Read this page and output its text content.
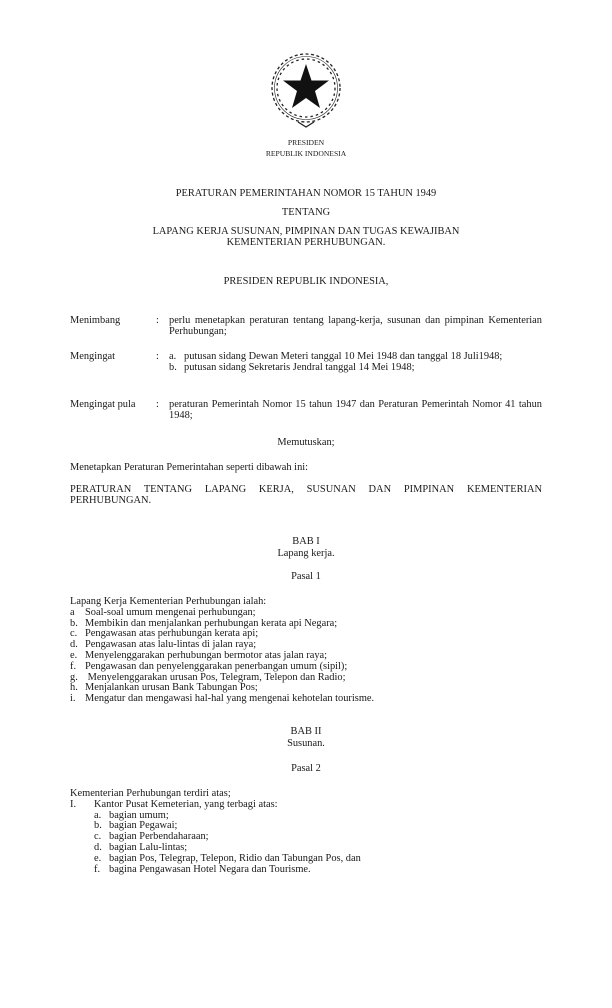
PRESIDEN
REPUBLIK INDONESIA
PERATURAN PEMERINTAHAN NOMOR 15 TAHUN 1949
TENTANG
LAPANG KERJA SUSUNAN, PIMPINAN DAN TUGAS KEWAJIBAN
KEMENTERIAN PERHUBUNGAN.
PRESIDEN REPUBLIK INDONESIA,
Menimbang	: perlu menetapkan peraturan tentang lapang-kerja, susunan dan pimpinan Kementerian Perhubungan;
Mengingat	: a. putusan sidang Dewan Meteri tanggal 10 Mei 1948 dan tanggal 18 Juli1948;
b. putusan sidang Sekretaris Jendral tanggal 14 Mei 1948;
Mengingat pula	: peraturan Pemerintah Nomor 15 tahun 1947 dan Peraturan Pemerintah Nomor 41 tahun 1948;
Memutuskan;
Menetapkan Peraturan Pemerintahan seperti dibawah ini:
PERATURAN TENTANG LAPANG KERJA, SUSUNAN DAN PIMPINAN KEMENTERIAN
PERHUBUNGAN.
BAB I
Lapang kerja.
Pasal 1
Lapang Kerja Kementerian Perhubungan ialah:
a Soal-soal umum mengenai perhubungan;
b. Membikin dan menjalankan perhubungan kerata api Negara;
c. Pengawasan atas perhubungan kerata api;
d. Pengawasan atas lalu-lintas di jalan raya;
e. Menyelenggarakan perhubungan bermotor atas jalan raya;
f. Pengawasan dan penyelenggarakan penerbangan umum (sipil);
g. Menyelenggarakan urusan Pos, Telegram, Telepon dan Radio;
h. Menjalankan urusan Bank Tabungan Pos;
i. Mengatur dan mengawasi hal-hal yang mengenai kehotelan tourisme.
BAB II
Susunan.
Pasal 2
Kementerian Perhubungan terdiri atas;
I.	Kantor Pusat Kemeterian, yang terbagi atas:
a. bagian umum;
b. bagian Pegawai;
c. bagian Perbendaharaan;
d. bagian Lalu-lintas;
e. bagian Pos, Telegrap, Telepon, Ridio dan Tabungan Pos, dan
f. bagina Pengawasan Hotel Negara dan Tourisme.
